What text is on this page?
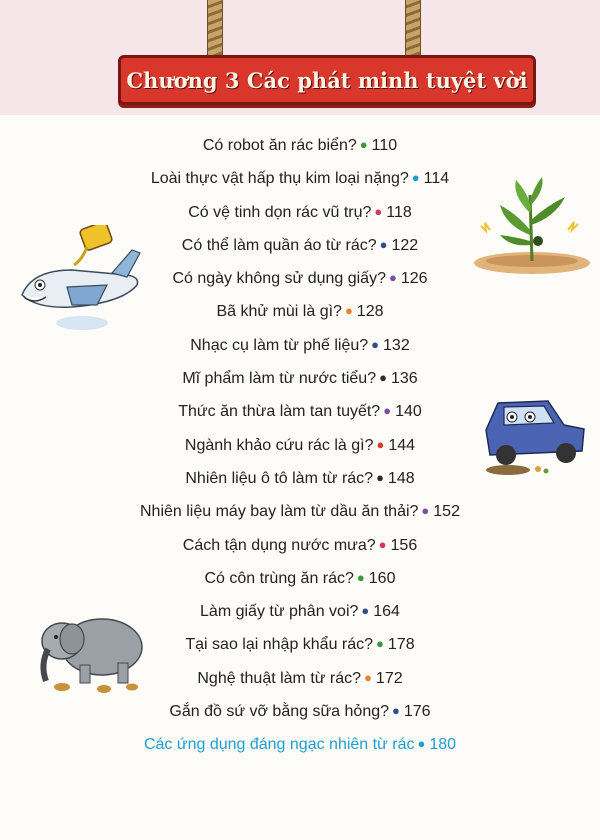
Chương 3 Các phát minh tuyệt vời
Có robot ăn rác biển? ● 110
Loài thực vật hấp thụ kim loại nặng? ● 114
Có vệ tinh dọn rác vũ trụ? ● 118
Có thể làm quần áo từ rác? ● 122
Có ngày không sử dụng giấy? ● 126
Bã khử mùi là gì? ● 128
Nhạc cụ làm từ phế liệu? ● 132
Mĩ phẩm làm từ nước tiểu? ● 136
Thức ăn thừa làm tan tuyết? ● 140
Ngành khảo cứu rác là gì? ● 144
Nhiên liệu ô tô làm từ rác? ● 148
Nhiên liệu máy bay làm từ dầu ăn thải? ● 152
Cách tận dụng nước mưa? ● 156
Có côn trùng ăn rác? ● 160
Làm giấy từ phân voi? ● 164
Tại sao lại nhập khẩu rác? ● 178
Nghệ thuật làm từ rác? ● 172
Gắn đồ sứ vỡ bằng sữa hỏng? ● 176
Các ứng dụng đáng ngạc nhiên từ rác ● 180
